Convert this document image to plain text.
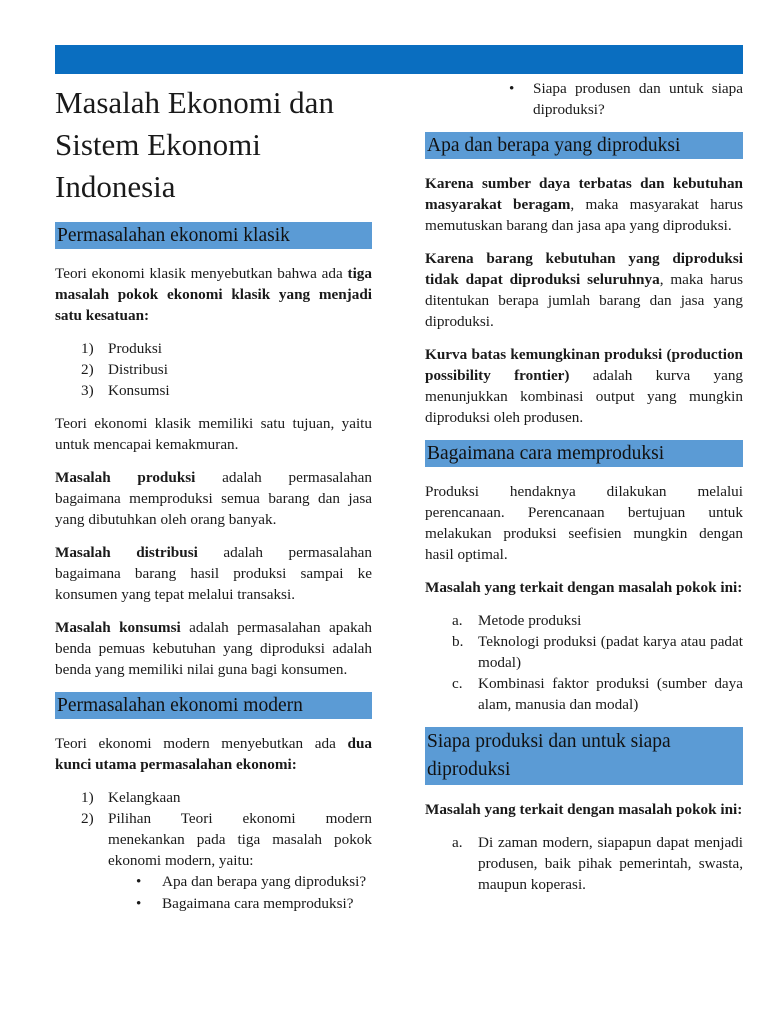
Masalah Ekonomi dan Sistem Ekonomi Indonesia
Permasalahan ekonomi klasik

Teori ekonomi klasik menyebutkan bahwa ada tiga masalah pokok ekonomi klasik yang menjadi satu kesatuan:

1) Produksi
2) Distribusi
3) Konsumsi

Teori ekonomi klasik memiliki satu tujuan, yaitu untuk mencapai kemakmuran.

Masalah produksi adalah permasalahan bagaimana memproduksi semua barang dan jasa yang dibutuhkan oleh orang banyak.

Masalah distribusi adalah permasalahan bagaimana barang hasil produksi sampai ke konsumen yang tepat melalui transaksi.

Masalah konsumsi adalah permasalahan apakah benda pemuas kebutuhan yang diproduksi adalah benda yang memiliki nilai guna bagi konsumen.

Permasalahan ekonomi modern

Teori ekonomi modern menyebutkan ada dua kunci utama permasalahan ekonomi:

1) Kelangkaan
2) Pilihan Teori ekonomi modern menekankan pada tiga masalah pokok ekonomi modern, yaitu:
• Apa dan berapa yang diproduksi?
• Bagaimana cara memproduksi?
• Siapa produsen dan untuk siapa diproduksi?
Apa dan berapa yang diproduksi

Karena sumber daya terbatas dan kebutuhan masyarakat beragam, maka masyarakat harus memutuskan barang dan jasa apa yang diproduksi.

Karena barang kebutuhan yang diproduksi tidak dapat diproduksi seluruhnya, maka harus ditentukan berapa jumlah barang dan jasa yang diproduksi.

Kurva batas kemungkinan produksi (production possibility frontier) adalah kurva yang menunjukkan kombinasi output yang mungkin diproduksi oleh produsen.

Bagaimana cara memproduksi

Produksi hendaknya dilakukan melalui perencanaan. Perencanaan bertujuan untuk melakukan produksi seefisien mungkin dengan hasil optimal.

Masalah yang terkait dengan masalah pokok ini:

a. Metode produksi
b. Teknologi produksi (padat karya atau padat modal)
c. Kombinasi faktor produksi (sumber daya alam, manusia dan modal)
Siapa produksi dan untuk siapa diproduksi

Masalah yang terkait dengan masalah pokok ini:

a. Di zaman modern, siapapun dapat menjadi produsen, baik pihak pemerintah, swasta, maupun koperasi.
